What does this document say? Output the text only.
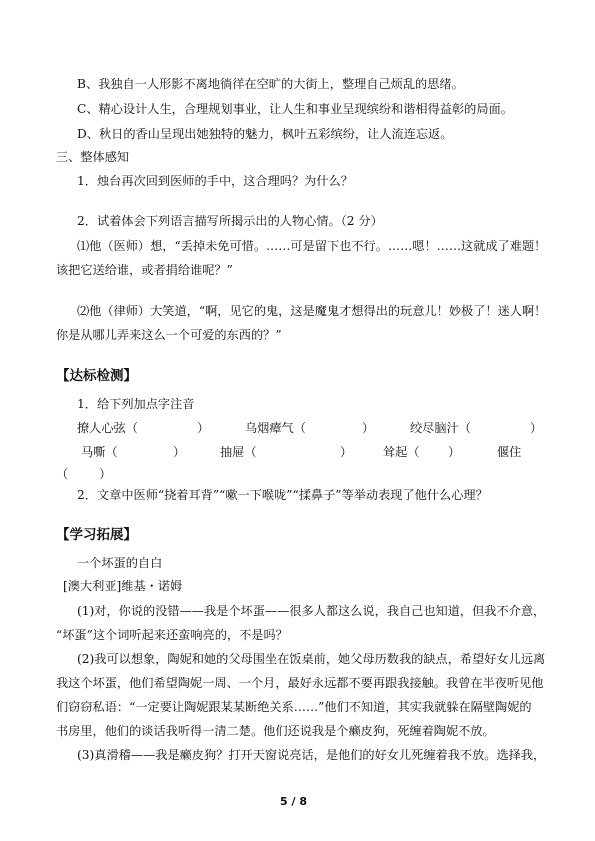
B、我独自一人形影不离地徜徉在空旷的大街上，整理自己烦乱的思绪。
C、精心设计人生，合理规划事业，让人生和事业呈现缤纷和谐相得益彰的局面。
D、秋日的香山呈现出她独特的魅力，枫叶五彩缤纷，让人流连忘返。
三、整体感知
1．烛台再次回到医师的手中，这合理吗？为什么？
2．试着体会下列语言描写所揭示出的人物心情。（2 分）
⑴他（医师）想，“丢掉未免可惜。……可是留下也不行。……嗯！……这就成了难题！
该把它送给谁，或者捐给谁呢？”
⑵他（律师）大笑道，“啊，见它的鬼，这是魔鬼才想得出的玩意儿！妙极了！迷人啊！
你是从哪儿弄来这么一个可爱的东西的？”
【达标检测】
1．给下列加点字注音
撩人心弦（	）	乌烟瘴气（	）	绞尽脑汁（	）
马嘶（	）	抽屉（	）	耸起（ ）	偃住
（        ）
2．文章中医师“挠着耳背”“嗽一下喉咙”“揉鼻子”等举动表现了他什么心理？
【学习拓展】
一个坏蛋的自白
[澳大利亚]维基・诺姆
(1)对，你说的没错——我是个坏蛋——很多人都这么说，我自己也知道，但我不介意，
“坏蛋”这个词听起来还蛮响亮的，不是吗？
(2)我可以想象，陶妮和她的父母围坐在饭桌前，她父母历数我的缺点，希望好女儿远离
我这个坏蛋，他们希望陶妮一周、一个月，最好永远都不要再跟我接触。我曾在半夜听见他
们窃窃私语：“一定要让陶妮跟某某断绝关系……”他们不知道，其实我就躲在隔壁陶妮的
书房里，他们的谈话我听得一清二楚。他们还说我是个癞皮狗，死缠着陶妮不放。
(3)真滑稽——我是癞皮狗？打开天窗说亮话，是他们的好女儿死缠着我不放。选择我，
5 / 8
